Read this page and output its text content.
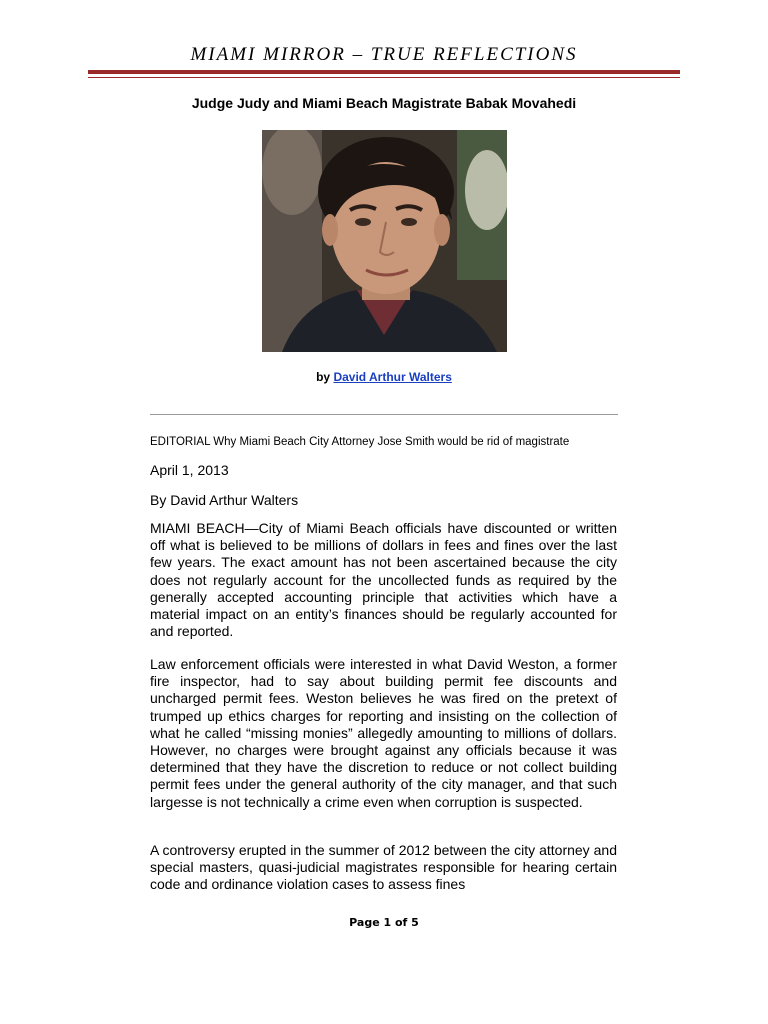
MIAMI MIRROR – TRUE REFLECTIONS
Judge Judy and Miami Beach Magistrate Babak Movahedi
by David Arthur Walters
EDITORIAL Why Miami Beach City Attorney Jose Smith would be rid of magistrate
April 1, 2013
By David Arthur Walters

MIAMI BEACH—City of Miami Beach officials have discounted or written off what is believed to be millions of dollars in fees and fines over the last few years. The exact amount has not been ascertained because the city does not regularly account for the uncollected funds as required by the generally accepted accounting principle that activities which have a material impact on an entity’s finances should be regularly accounted for and reported.

Law enforcement officials were interested in what David Weston, a former fire inspector, had to say about building permit fee discounts and uncharged permit fees. Weston believes he was fired on the pretext of trumped up ethics charges for reporting and insisting on the collection of what he called “missing monies” allegedly amounting to millions of dollars. However, no charges were brought against any officials because it was determined that they have the discretion to reduce or not collect building permit fees under the general authority of the city manager, and that such largesse is not technically a crime even when corruption is suspected.

A controversy erupted in the summer of 2012 between the city attorney and special masters, quasi-judicial magistrates responsible for hearing certain code and ordinance violation cases to assess fines

Page 1 of 5
